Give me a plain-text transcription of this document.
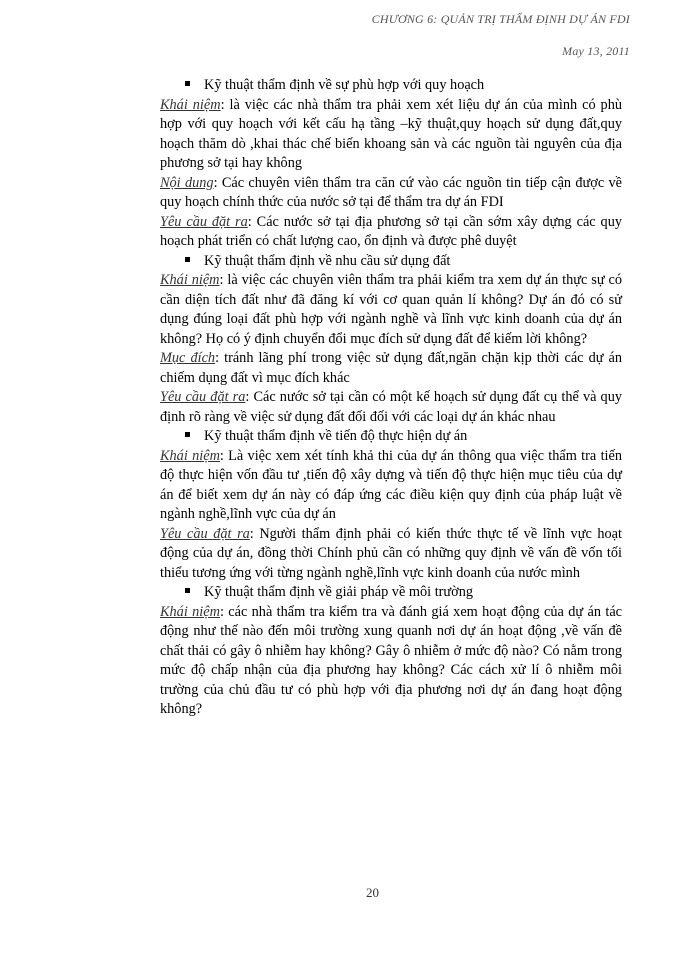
CHƯƠNG 6: QUẢN TRỊ THẨM ĐỊNH DỰ ÁN FDI
May 13, 2011
Kỹ thuật thẩm định về sự phù hợp với quy hoạch
Khái niệm: là việc các nhà thẩm tra phải xem xét liệu dự án của mình có phù hợp với quy hoạch với kết cấu hạ tầng –kỹ thuật,quy hoạch sử dụng đất,quy hoạch thăm dò ,khai thác chế biến khoang sản và các nguồn tài nguyên của địa phương sở tại hay không
Nội dung: Các chuyên viên thẩm tra căn cứ vào các nguồn tin tiếp cận được về quy hoạch chính thức của nước sở tại để thẩm tra dự án FDI
Yêu cầu đặt ra: Các nước sở tại địa phương sở tại cần sớm xây dựng các quy hoạch phát triển có chất lượng cao, ổn định và được phê duyệt
Kỹ thuật thẩm định về nhu cầu sử dụng đất
Khái niệm: là việc các chuyên viên thẩm tra phải kiểm tra xem dự án thực sự có cần diện tích đất như đã đăng kí với cơ quan quản lí không? Dự án đó có sử dụng đúng loại đất phù hợp với ngành nghề và lĩnh vực kinh doanh của dự án không? Họ có ý định chuyển đổi mục đích sử dụng đất để kiếm lời không?
Mục đích: tránh lãng phí trong việc sử dụng đất,ngăn chặn kịp thời các dự án chiếm dụng đất vì mục đích khác
Yêu cầu đặt ra: Các nước sở tại cần có một kế hoạch sử dụng đất cụ thể và quy định rõ ràng về việc sử dụng đất đối đối với các loại dự án khác nhau
Kỹ thuật thẩm định về tiến độ thực hiện dự án
Khái niệm: Là việc xem xét tính khả thi của dự án thông qua việc thẩm tra tiến độ thực hiện vốn đầu tư ,tiến độ xây dựng và tiến độ thực hiện mục tiêu của dự án để biết xem dự án này có đáp ứng các điều kiện quy định của pháp luật về ngành nghề,lĩnh vực của dự án
Yêu cầu đặt ra: Người thẩm định phải có kiến thức thực tế về lĩnh vực hoạt động của dự án, đồng thời Chính phủ cần có những quy định về vấn đề vốn tối thiểu tương ứng với từng ngành nghề,lĩnh vực kinh doanh của nước mình
Kỹ thuật thẩm định về giải pháp về môi trường
Khái niệm: các nhà thẩm tra kiểm tra và đánh giá xem hoạt động của dự án tác động như thế nào đến môi trường xung quanh nơi dự án hoạt động ,về vấn đề chất thải có gây ô nhiễm hay không? Gây ô nhiễm ở mức độ nào? Có nằm trong mức độ chấp nhận của địa phương hay không? Các cách xử lí ô nhiễm môi trường của chủ đầu tư có phù hợp với địa phương nơi dự án đang hoạt động không?
20
